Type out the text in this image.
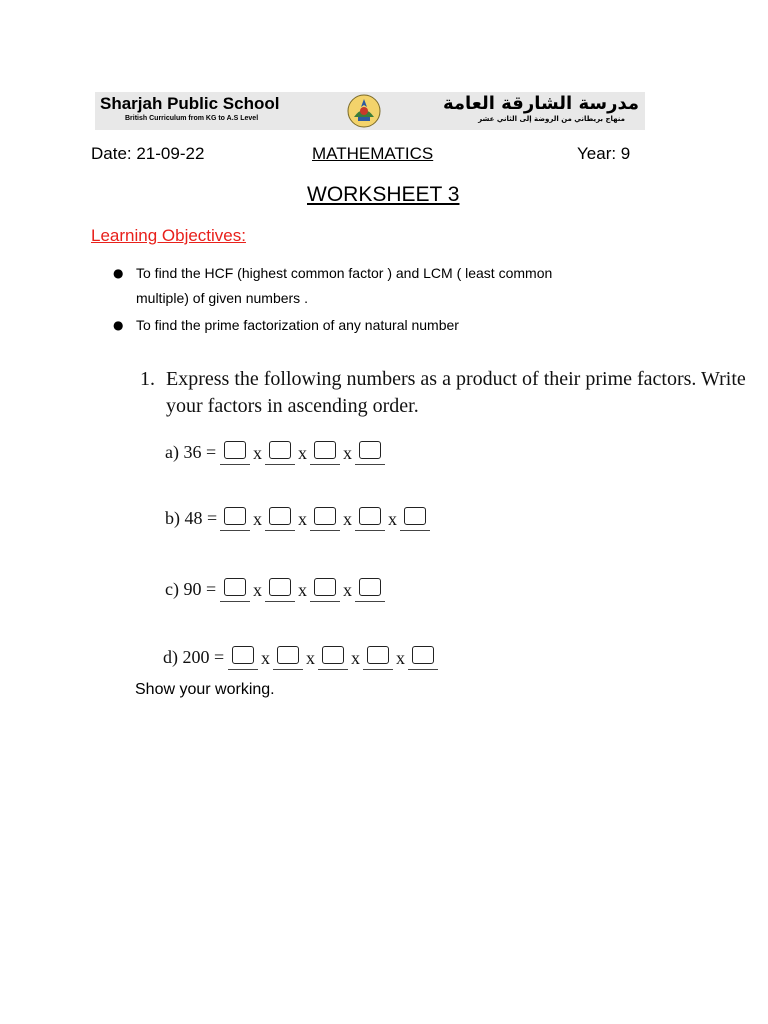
Sharjah Public School
British Curriculum from KG to A.S Level
مدرسة الشارقة العامة
منهاج بريطاني من الروضة إلى الثاني عشر
Date: 21-09-22	MATHEMATICS	Year: 9
WORKSHEET 3
Learning Objectives:
● To find the HCF (highest common factor ) and LCM ( least common
multiple) of given numbers .
● To find the prime factorization of any natural number
1. Express the following numbers as a product of their prime factors. Write
your factors in ascending order.
a) 36 = x x x
b) 48 = x x x x
c) 90 = x x x
d) 200 = x x x x
Show your working.
